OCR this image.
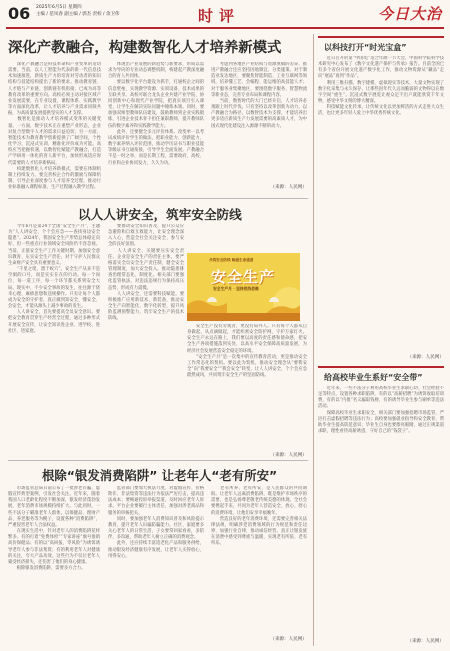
06 2025年6月5日 星期四
主编 / 范凤春 副主编 / 郭杰 责校 / 余卫伟	时评	今日大治
深化产教融合，构建数智化人才培养新模式
　　深化产教融合是科技革命和产业变革的迫切需要。当前，以人工智能为代表的新一代信息技术加速演进，新质生产力的培育对劳动者的知识结构与技能结构提出了新的要求。推动教育链、人才链与产业链、创新链有机衔接，已成为高等教育改革的重要方向。高校必须主动对接区域产业发展需要，在专业设置、课程体系、实践教学等方面深化改革，让人才培养与产业需求同频共振，为高质量发展提供坚实的人才支撑。
　　数智化是推动人才培养模式变革的关键变量。一方面，数字技术正在重塑产业形态，企业对复合型数字人才的需求日益迫切；另一方面，智能技术为教育教学创新提供了广阔空间，个性化学习、沉浸式实训、精准化评价成为可能。高校应当把握机遇，以数智化赋能产教融合，打造产学研用一体化的育人新平台，加快形成适应时代需要的人才培养新格局。
　　构建数智化人才培养新模式，需要在体制机制上持续发力。要完善校企合作的激励与保障机制，引导企业深度参与人才培养全过程，推动行业标准融入课程标准、生产过程融入教学过程。
　　体现出产业发展的新趋势与新要求，形成以需求为导向的专业动态调整机制，构建起产教深度融合的育人共同体。
　　要以数字化平台建设为抓手，打通校企之间的信息壁垒，实现教学资源、实训设备、技术成果的互联共享。高校可联合龙头企业共建产业学院、协同创新中心和现代产业学院，把真实项目引入课堂，让学生在解决实际问题中锤炼本领。同时，要加强双师型教师队伍建设，鼓励教师到企业实践锻炼，引进企业技术骨干担任兼职教师，提升教师队伍的数字素养和实践教学能力。
　　此外，还要健全多元评价体系。改变单一以考试成绩评价学生的做法，把职业能力、创新能力、数字素养纳入评价范围，推动学历证书与职业技能等级证书互通衔接，引导学生全面发展。产教融合不是一时之举，而是长期工程，需要政府、高校、行业和企业协同发力，久久为功。
　　考虑到各地区产业结构与资源禀赋的差异，推进产教融合还应坚持因地制宜、分类施策。对于制造业发达地区，要聚焦智能制造、工业互联网等领域，培养懂工艺、会编程、能运维的高技能人才；对于服务业集聚地区，要围绕数字服务、智慧物流等新业态，完善专业布局和课程内容。
　　当前，数智时代的大门已经开启，人才培养必须跟上时代步伐。只有坚持以改革创新为动力，以产教融合为路径，以数智技术为支撑，才能培养出更多适应新质生产力发展需要的高素质人才，为中国式现代化建设注入源源不断的动力。
（来源：人民网）
以人人讲安全，筑牢安全防线
　　今年6月是第24个全国“安全生产月”，主题为“人人讲安全、个个会应急——查找身边安全隐患”。2024年，我国安全生产形势总体稳定向好，但一些重点行业领域安全风险仍不容忽视。当前，正值安全生产工作关键时期，加强安全意识教育、压实安全生产责任，对于守护人民群众生命财产安全具有重要意义。
　　“千里之堤，溃于蚁穴”。安全生产从来不是空洞的口号，而是实实在在的行动。每一个岗位、每一道工序、每一个环节都关系到安全大局。现实中，不少安全事故的发生，往往源于侥幸心理、麻痹思想和违规操作。只有让每个人都成为安全的守护者，真正做到知安全、懂安全、会安全，才能从源头上减少事故的发生。
　　人人讲安全，首先要提高全员安全意识。要把安全教育贯穿生产经营全过程，通过多种形式开展安全宣传，让安全知识进企业、进学校、进社区、进家庭。
　　要推动安全知识普及，提升公众应急避险和自救互救能力，让安全理念深入人心，营造全社会关注安全、参与安全的良好氛围。
　　人人讲安全，关键要压实安全责任。企业是安全生产的责任主体，要严格落实全员安全生产责任制，健全安全管理制度，加大安全投入，推动隐患排查治理常态化、制度化。相关部门要强化监管执法，对违法违规行为保持高压态势，形成有力震慑。
　　人人讲安全，还需要科技赋能。要积极推广应用新技术、新装备，推动安全生产向智能化、数字化转型，提升风险监测预警能力，筑牢安全生产的技术防线。
共筑安全防线 畅通生命通道
安全生产
安全生产月 · 坚持底线思维
　　安全生产没有旁观者，更没有局外人。只有每个人都从自身做起，从点滴做起，才能织密安全防护网，守护万家灯火。安全生产永远在路上，我们要以高度的责任感和使命感，把安全生产各项措施落到实处，以高水平安全保障高质量发展，为经济社会发展营造安全稳定的环境。
　　“安全生产月”是一次集中的宣传教育活动，更是推动安全工作常态化的契机。要以此为契机，推动安全理念从“要我安全”向“我要安全”“我会安全”转变，让人人讲安全、个个会应急蔚然成风，共同筑牢安全生产的坚固防线。
（来源：人民网）
根除“银发消费陷阱” 让老年人“老有所安”
　　市场监管总局日前公布了一批涉老诈骗、虚假宣传典型案例，引发社会关注。近年来，随着我国人口老龄化程度不断加深，银发经济蓬勃发展，老年消费市场规模持续扩大。与此同时，一些不法分子瞄准老年人群体，以保健品、理财产品、养老服务等为幌子，设置各种“消费陷阱”，严重侵害老年人合法权益。
　　在现实生活中，针对老年人的消费陷阱花样繁多。有的打着“免费体检”“专家讲座”旗号推销高价保健品；有的以“高回报、零风险”为诱饵诱导老年人参与非法集资；有的利用老年人对健康的关注，夸大产品功效。这些行为不仅让老年人蒙受经济损失，还伤害了他们的身心健康。
　　根除银发消费陷阱，需要多方合力。
　　监管部门要加大执法力度，对虚假宣传、价格欺诈、非法集资等违法行为依法严厉打击，提高违法成本；要畅通投诉举报渠道，及时回应老年人诉求。平台企业要履行主体责任，加强对涉老商品和服务的审核把关。
　　同时，要加强老年人消费知识普及和风险提示教育，提升老年人识骗防骗能力。社区、家庭要多关心老年人的日常生活，子女要常回家看看，多陪伴、多沟通，帮助老年人树立正确的消费观念。
　　此外，还应持续丰富适老化产品和服务供给，推动银发经济健康有序发展，让老年人买得放心、用得安心。
　　老有所养、老有所安，是人民群众的共同期盼。让老年人远离消费陷阱，既是维护市场秩序的需要，也是弘扬尊老敬老传统美德的体现。全社会要携起手来，共同为老年人营造安全、放心、舒心的消费环境，让他们安享幸福晚年。
　　营造良好的老年消费环境，还需要完善相关法律法规，明确涉老消费领域的行为规范和责任边界，加强行业自律，推动诚信经营，真正让银发族在消费中感受到尊重与温暖，实现老有所依、老有所乐。
（来源：人民网）
以科技打开“时光宝盒”
　　近日召开的第“中国电”适合年龄一节大会，中国科学院科学技术研究中心发布了《数字文化遗产保护与传承》报告。目前全国已有多个省份开展文化遗产数字化工作，推动文物资源从“藏品”走向“展品”再到“作品”。
　　利用三维扫描、数字建模、虚拟现实等技术，大量文物实现了数字化采集与永久保存，让那些因年代久远而脆弱的文物得以在数字空间“重生”。沉浸式数字展览让观众足不出户就能欣赏千年文物，感受中华文明的博大精深。
　　科技赋能文化传承，让传统文化以更加鲜活的方式走进大众生活，也让更多年轻人爱上中华优秀传统文化。
（来源：人民网）
给高校毕业生系好“安全带”
　　近年来，一些不法分子利用高校毕业生求职心切、社会经验不足等特点，设置各种求职陷阱，有的以“高薪招聘”为诱饵收取培训费，有的以“内推”名义骗取钱财，有的诱导毕业生参与刷单等违法活动。
　　保障高校毕业生求职安全，相关部门要加强招聘市场监管，严厉打击虚假招聘等违法行为；高校要加强就业指导和安全教育，帮助毕业生提高防范意识；毕业生自身也要擦亮眼睛，通过正规渠道求职，理性看待高薪诱惑，守好自己的“钱袋子”。
（来源：人民网）
